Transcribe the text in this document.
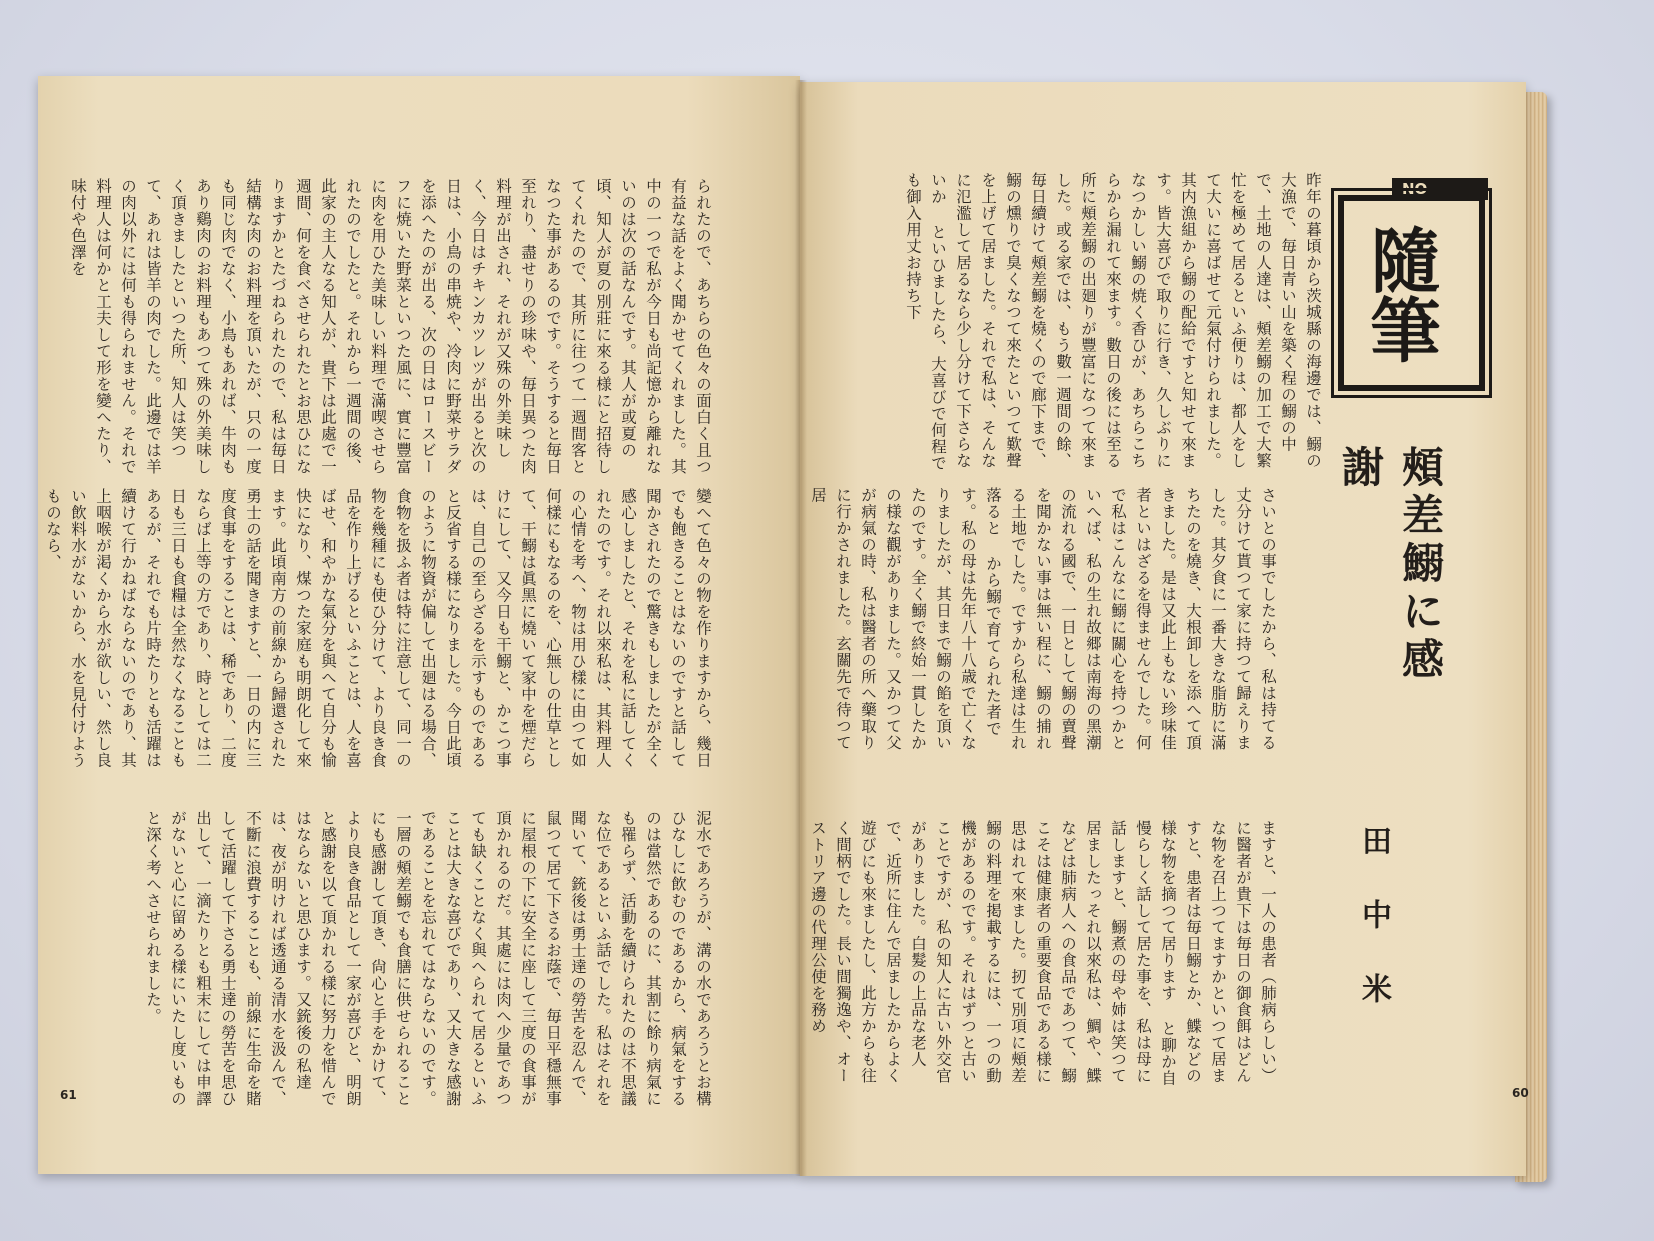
NO—
隨筆
頰差鰯に感謝
田中米
昨年の暮頃から茨城縣の海邊では、鰯の大漁で、毎日青い山を築く程の鰯の中で、土地の人達は、頰差鰯の加工で大繁忙を極めて居るといふ便りは、都人をして大いに喜ばせて元氣付けられました。其内漁組から鰯の配給ですと知せて來ます。皆大喜びで取りに行き、久しぶりになつかしい鰯の焼く香ひが、あちらこちらから漏れて來ます。數日の後には至る所に頰差鰯の出廻りが豐富になつて來ました。或る家では、もう數一週間の餘、毎日續けて頰差鰯を燒くので廊下まで、鰯の燻りで臭くなつて來たといつて歎聲を上げて居ました。それで私は、そんなに氾濫して居るなら少し分けて下さらないか といひましたら、大喜びで何程でも御入用丈お持ち下
さいとの事でしたから、私は持てる丈分けて貰つて家に持つて歸えりました。其夕食に一番大きな脂肪に滿ちたのを燒き、大根卸しを添へて頂きました。是は又此上もない珍味佳者といはざるを得ませんでした。何で私はこんなに鰯に關心を持つかといへば、私の生れ故郷は南海の黑潮の流れる國で、一日として鰯の賣聲を聞かない事は無い程に、鰯の捕れる土地でした。ですから私達は生れ落ると から鰯で育てられた者です。私の母は先年八十八歳で亡くなりましたが、其日まで鰯の餡を頂いたのです。全く鰯で終始一貫したかの様な觀がありました。又かつて父が病氣の時、私は醫者の所へ藥取りに行かされました。玄關先で待つて居
ますと、一人の患者（肺病らしい）に醫者が貴下は毎日の御食餌はどんな物を召上つてますかといつて居ますと、患者は毎日鰯とか、鰈などの様な物を摘つて居ります と聊か自慢らしく話して居た事を、私は母に話しますと、鰯煮の母や姉は笑つて居ましたっそれ以來私は、鯛や、鰈などは肺病人への食品であつて、鰯こそは健康者の重要食品である様に思はれて來ました。扨て別項に頰差鰯の料理を掲載するには、一つの動機があるのです。それはずつと古いことですが、私の知人に古い外交官がありました。白髮の上品な老人で、近所に住んで居ましたからよく遊びにも來ましたし、此方からも往く間柄でした。長い間獨逸や、オーストリア邊の代理公使を務め
60
られたので、あちらの色々の面白く且つ有益な話をよく聞かせてくれました。其中の一つで私が今日も尚記憶から離れないのは次の話なんです。其人が或夏の頃、知人が夏の別莊に來る様にと招待してくれたので、其所に往つて一週間客となつた事があるのです。そうすると毎日至れり、盡せりの珍味や、毎日異つた肉料理が出され、それが又殊の外美味しく、今日はチキンカツレツが出ると次の日は、小鳥の串焼や、冷肉に野菜サラダを添へたのが出る、次の日はロースビーフに焼いた野菜といつた風に、實に豐富に肉を用ひた美味しい料理で滿喫させられたのでしたと。それから一週間の後、此家の主人なる知人が、貴下は此處で一週間、何を食べさせられたとお思ひになりますかとたづねられたので、私は毎日結構な肉のお料理を頂いたが、只の一度も同じ肉でなく、小鳥もあれば、牛肉もあり鷄肉のお料理もあつて殊の外美味しく頂きましたといつた所、知人は笑つて、あれは皆羊の肉でした。此邊では羊の肉以外には何も得られません。それで料理人は何かと工夫して形を變へたり、味付や色澤を
變へて色々の物を作りますから、幾日でも飽きることはないのですと話して聞かされたので驚きもしましたが全く感心しましたと、それを私に話してくれたのです。それ以來私は、其料理人の心情を考へ、物は用ひ樣に由つて如何樣にもなるのを、心無しの仕草として、干鰯は眞黑に燒いて家中を煙だらけにして、又今日も干鰯と、かこつ事は、自己の至らざるを示すものであると反省する様になりました。今日此頃のように物資が偏して出廻はる場合、食物を扱ふ者は特に注意して、同一の物を幾種にも使ひ分けて、より良き食品を作り上げるといふことは、人を喜ばせ、和やかな氣分を與へて自分も愉快になり、煤つた家庭も明朗化して來ます。此頃南方の前線から歸還された勇士の話を聞きますと、一日の内に三度食事をすることは、稀であり、二度ならば上等の方であり、時としては二日も三日も食糧は全然なくなることもあるが、それでも片時たりとも活躍は續けて行かねばならないのであり、其上咽喉が渇くから水が欲しい、然し良い飲料水がないから、水を見付けようものなら、
泥水であろうが、溝の水であろうとお構ひなしに飲むのであるから、病氣をするのは當然であるのに、其割に餘り病氣にも罹らず、活動を續けられたのは不思議な位であるといふ話でした。私はそれを聞いて、銃後は勇士達の勞苦を忍んで、鼠つて居て下さるお蔭で、毎日平穩無事に屋根の下に安全に座して三度の食事が頂かれるのだ。其處には肉へ少量であつても缺くことなく與へられて居るといふことは大きな喜びであり、又大きな感謝であることを忘れてはならないのです。一層の頰差鰯でも食膳に供せられることにも感謝して頂き、尙心と手をかけて、より良き食品として一家が喜びと、明朗と感謝を以て頂かれる樣に努力を惜んではならないと思ひます。又銃後の私達は、夜が明ければ透通る清水を汲んで、不斷に浪費することも、前線に生命を賭して活躍して下さる勇士達の勞苦を思ひ出して、一滴たりとも粗末にしては申譯がないと心に留める樣にいたし度いものと深く考へさせられました。
61
